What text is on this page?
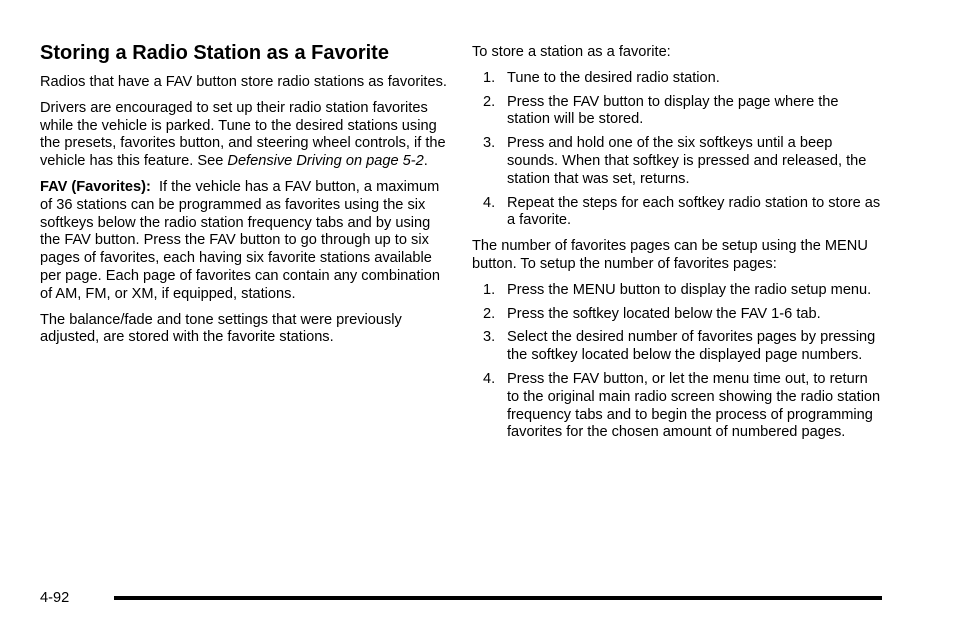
Storing a Radio Station as a Favorite

Radios that have a FAV button store radio stations as favorites.

Drivers are encouraged to set up their radio station favorites while the vehicle is parked. Tune to the desired stations using the presets, favorites button, and steering wheel controls, if the vehicle has this feature. See Defensive Driving on page 5-2.

FAV (Favorites): If the vehicle has a FAV button, a maximum of 36 stations can be programmed as favorites using the six softkeys below the radio station frequency tabs and by using the FAV button. Press the FAV button to go through up to six pages of favorites, each having six favorite stations available per page. Each page of favorites can contain any combination of AM, FM, or XM, if equipped, stations.

The balance/fade and tone settings that were previously adjusted, are stored with the favorite stations.

To store a station as a favorite:

1. Tune to the desired radio station.
2. Press the FAV button to display the page where the station will be stored.
3. Press and hold one of the six softkeys until a beep sounds. When that softkey is pressed and released, the station that was set, returns.
4. Repeat the steps for each softkey radio station to store as a favorite.

The number of favorites pages can be setup using the MENU button. To setup the number of favorites pages:

1. Press the MENU button to display the radio setup menu.
2. Press the softkey located below the FAV 1-6 tab.
3. Select the desired number of favorites pages by pressing the softkey located below the displayed page numbers.
4. Press the FAV button, or let the menu time out, to return to the original main radio screen showing the radio station frequency tabs and to begin the process of programming favorites for the chosen amount of numbered pages.
4-92
